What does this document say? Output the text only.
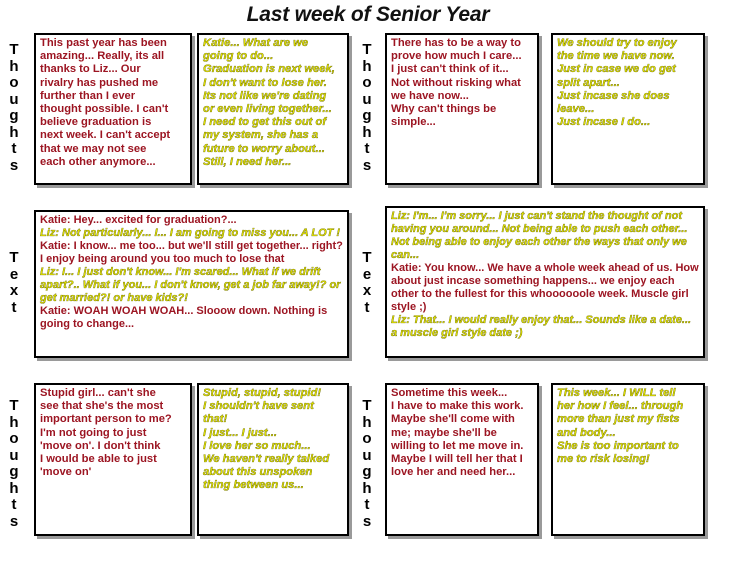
Last week of Senior Year
T
h
o
u
g
h
t
s
T
h
o
u
g
h
t
s
T
e
x
t
T
e
x
t
T
h
o
u
g
h
t
s
T
h
o
u
g
h
t
s
This past year has been
amazing... Really, its all
thanks to Liz... Our
rivalry has pushed me
further than I ever
thought possible. I can't
believe graduation is
next week. I can't accept
that we may not see
each other anymore...
Katie... What are we
going to do...
Graduation is next week,
I don't want to lose her.
Its not like we're dating
or even living together...
I need to get this out of
my system, she has a
future to worry about...
Still, I need her...
There has to be a way to
prove how much I care...
I just can't think of it...
Not without risking what
we have now...
Why can't things be
simple...
We should try to enjoy
the time we have now.
Just in case we do get
split apart...
Just incase she does
leave...
Just incase I do...
Katie: Hey... excited for graduation?...
Liz: Not particularly... I... I am going to miss you... A LOT !
Katie: I know... me too... but we'll still get together... right? I enjoy being around you too much to lose that
Liz: I... I just don't know... I'm scared... What if we drift apart?.. What if you... I don't know, get a job far away!? or get married?! or have kids?!
Katie: WOAH WOAH WOAH... Slooow down. Nothing is going to change...
Liz: I'm... I'm sorry... I just can't stand the thought of not having you around... Not being able to push each other... Not being able to enjoy each other the ways that only we can...
Katie: You know... We have a whole week ahead of us. How about just incase something happens... we enjoy each other to the fullest for this whoooooole week. Muscle girl style ;)
Liz: That... I would really enjoy that... Sounds like a date... a muscle girl style date ;)
Stupid girl... can't she
see that she's the most
important person to me?
I'm not going to just
'move on'. I don't think
I would be able to just
'move on'
Stupid, stupid, stupid!
I shouldn't have sent
that!
I just... I just...
I love her so much...
We haven't really talked
about this unspoken
thing between us...
Sometime this week...
I have to make this work.
Maybe she'll come with
me; maybe she'll be
willing to let me move in.
Maybe I will tell her that I
love her and need her...
This week... I WILL tell
her how I feel... through
more than just my fists
and body...
She is too important to
me to risk losing!
